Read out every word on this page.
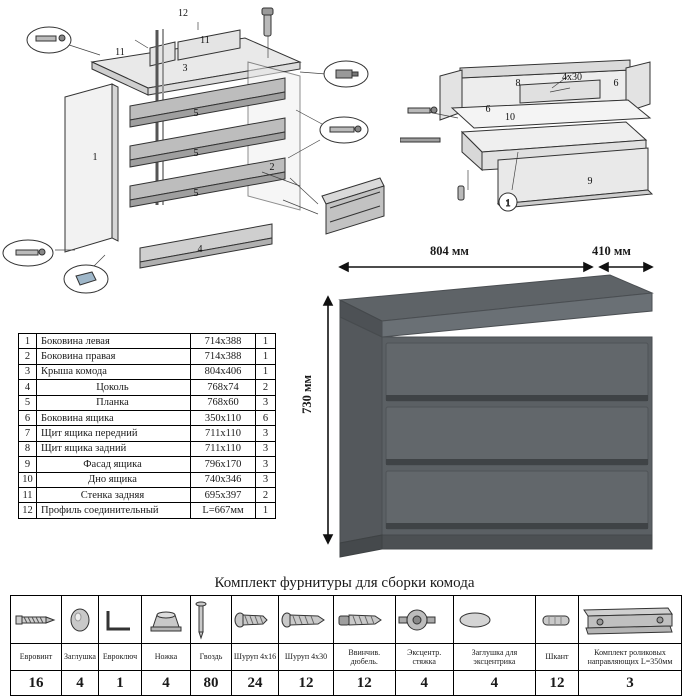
12
11
11
3
5
5
5
1
2
4
1
8
4х30
6
6
10
9
804 мм	410 мм
730 мм
1	Боковина левая	714х388	1
2	Боковина правая	714х388	1
3	Крыша комода	804х406	1
4	Цоколь	768х74	2
5	Планка	768х60	3
6	Боковина ящика	350х110	6
7	Щит ящика передний	711х110	3
8	Щит ящика задний	711х110	3
9	Фасад ящика	796х170	3
10	Дно ящика	740х346	3
11	Стенка задняя	695х397	2
12	Профиль соединительный	L=667мм	1
Комплект фурнитуры для сборки комода

Евровинт	Заглушка	Евроключ	Ножка	Гвоздь	Шуруп 4х16	Шуруп 4х30	Ввинчив. дюбель.	Эксцентр. стяжка	Заглушка для эксцентрика	Шкант	Комплект роликовых направляющих L=350мм
16	4	1	4	80	24	12	12	4	4	12	3
